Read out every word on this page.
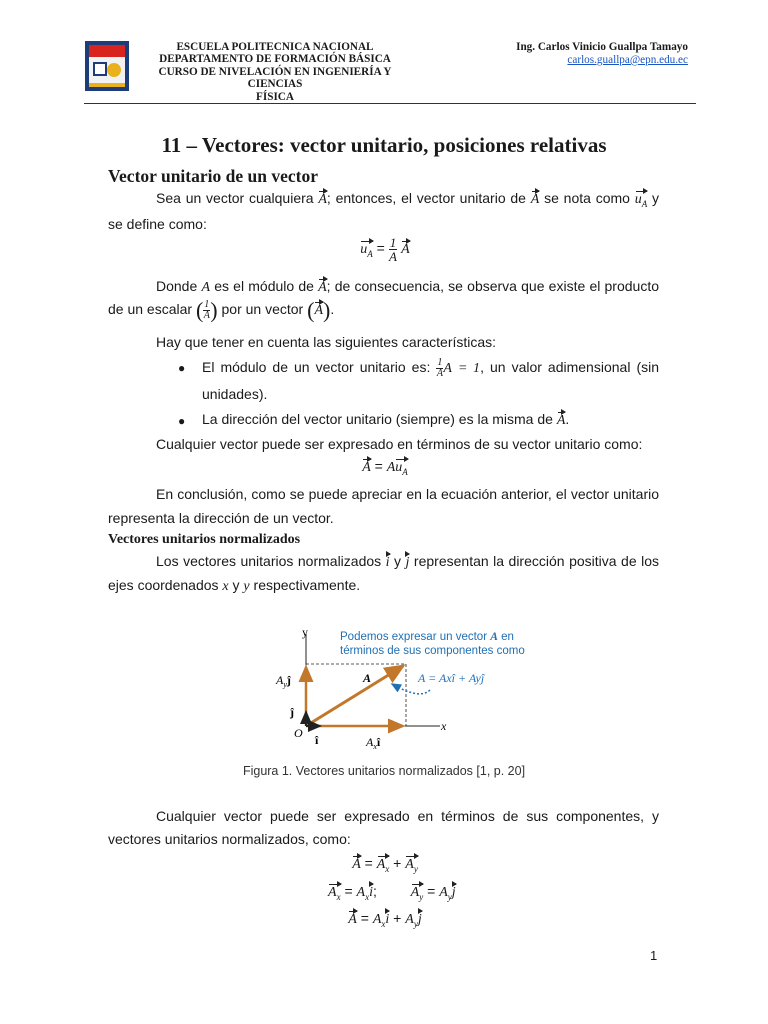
ESCUELA POLITECNICA NACIONAL
DEPARTAMENTO DE FORMACIÓN BÁSICA
CURSO DE NIVELACIÓN EN INGENIERÍA Y
CIENCIAS
FÍSICA
Ing. Carlos Vinicio Guallpa Tamayo
carlos.guallpa@epn.edu.ec
11 – Vectores: vector unitario, posiciones relativas
Vector unitario de un vector
Sea un vector cualquiera A; entonces, el vector unitario de A se nota como $u_A$ y
se define como:
$u_A = \frac{1}{A}$ A
Donde A es el módulo de A; de consecuencia, se observa que existe el producto
de un escalar ( $\frac{1}{A}$ ) por un vector (A).
Hay que tener en cuenta las siguientes características:
● El módulo de un vector unitario es: $\frac{1}{A}$ A = 1, un valor adimensional (sin
unidades).
● La dirección del vector unitario (siempre) es la misma de A.
Cualquier vector puede ser expresado en términos de su vector unitario como:
$A = Au_A$
En conclusión, como se puede apreciar en la ecuación anterior, el vector unitario
representa la dirección de un vector.
Vectores unitarios normalizados
Los vectores unitarios normalizados i y j representan la dirección positiva de los
ejes coordenados x y y respectivamente.
y
x
O î
ĵ
A
$A_xî$
$A_yĵ$
Podemos expresar un vector A en
términos de sus componentes como
A = Axî + Ayĵ
Figura 1. Vectores unitarios normalizados [1, p. 20]
Cualquier vector puede ser expresado en términos de sus componentes, y
vectores unitarios normalizados, como:
$A = A_x + A_y$
$A_x = A_xi$; $A_y = A_yj$
$A = A_xi + A_yj$
1
